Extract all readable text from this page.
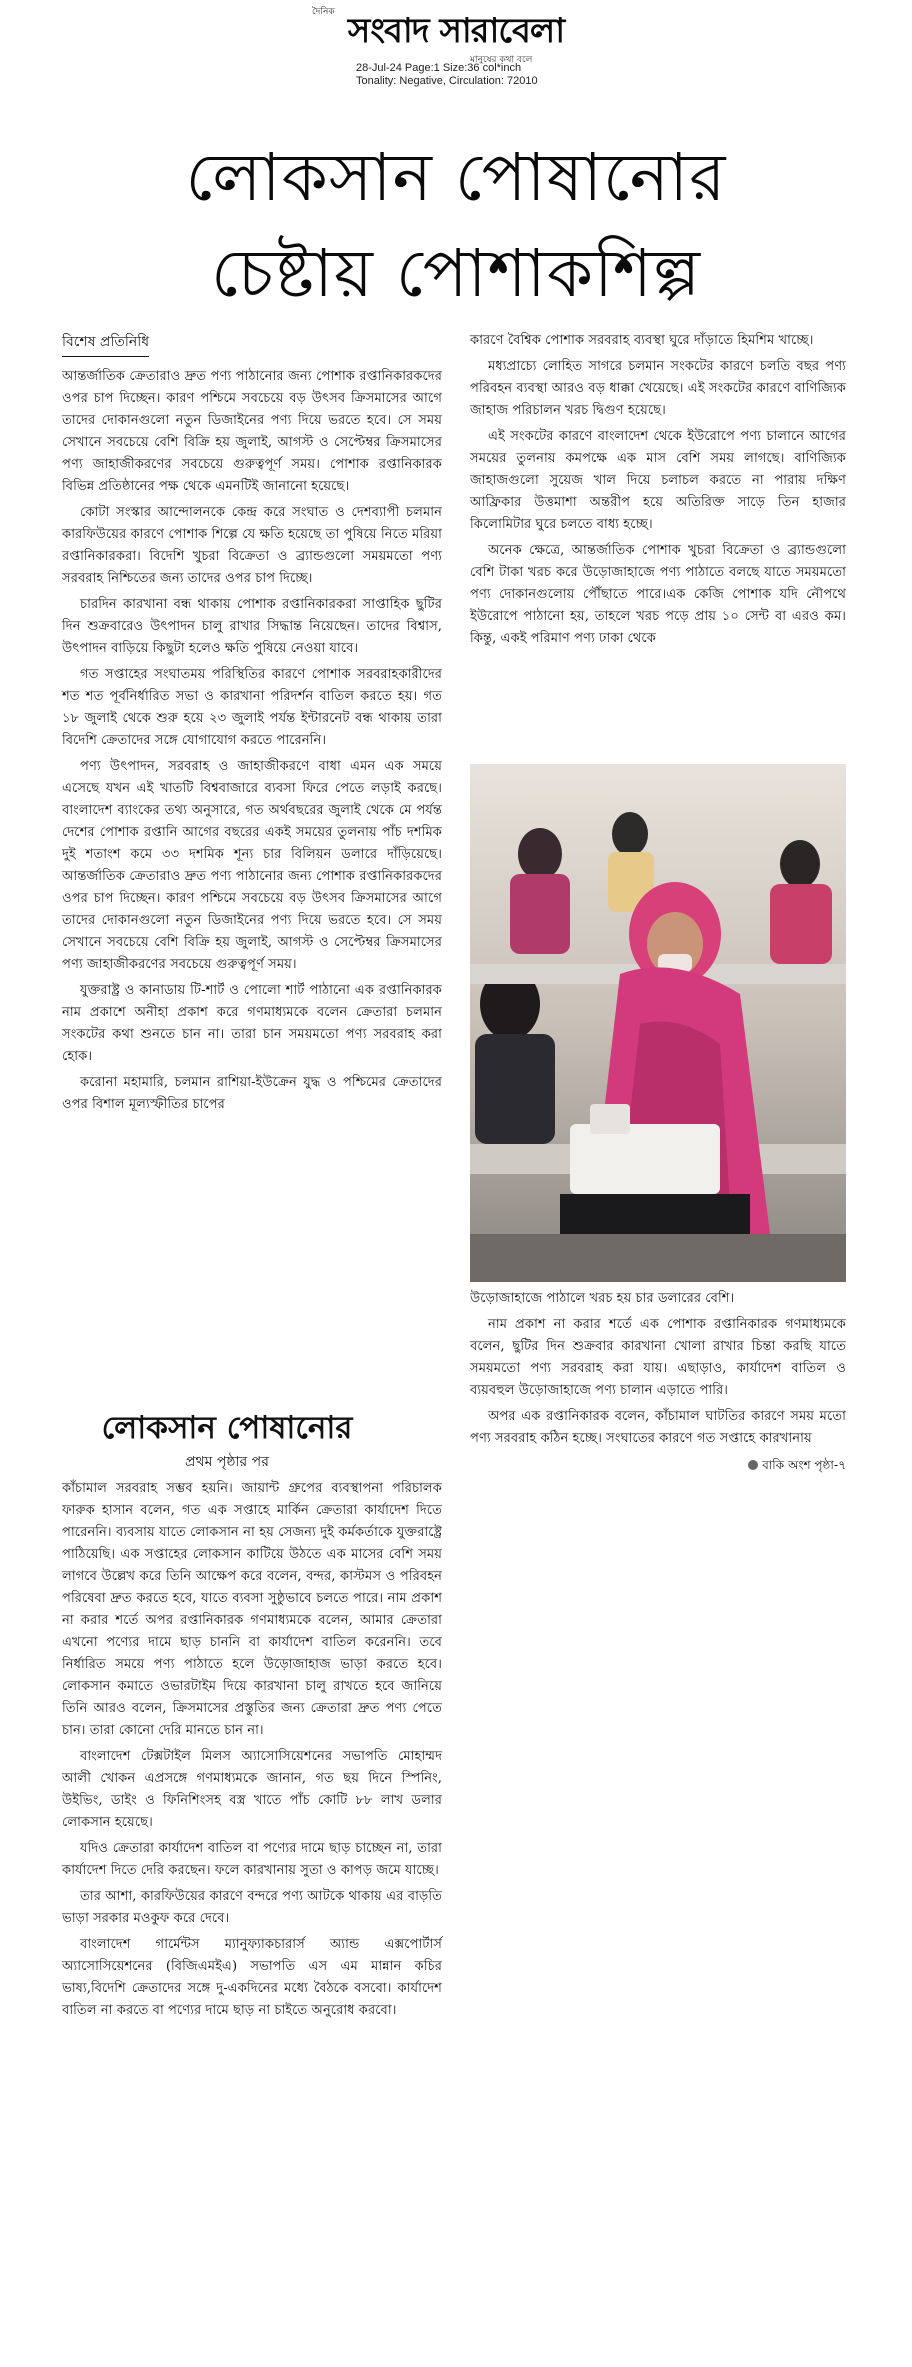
দৈনিক সংবাদ সারাবেলা
মানুষের কথা বলে
28-Jul-24 Page:1 Size:36 col*inch
Tonality: Negative, Circulation: 72010
লোকসান পোষানোর
চেষ্টায় পোশাকশিল্প
বিশেষ প্রতিনিধি

আন্তর্জাতিক ক্রেতারাও দ্রুত পণ্য পাঠানোর জন্য পোশাক রপ্তানিকারকদের ওপর চাপ দিচ্ছেন। কারণ পশ্চিমে সবচেয়ে বড় উৎসব ক্রিসমাসের আগে তাদের দোকানগুলো নতুন ডিজাইনের পণ্য দিয়ে ভরতে হবে। সে সময় সেখানে সবচেয়ে বেশি বিক্রি হয় জুলাই, আগস্ট ও সেপ্টেম্বর ক্রিসমাসের পণ্য জাহাজীকরণের সবচেয়ে গুরুত্বপূর্ণ সময়। পোশাক রপ্তানিকারক বিভিন্ন প্রতিষ্ঠানের পক্ষ থেকে এমনটিই জানানো হয়েছে।

কোটা সংস্কার আন্দোলনকে কেন্দ্র করে সংঘাত ও দেশব্যাপী চলমান কারফিউয়ের কারণে পোশাক শিল্পে যে ক্ষতি হয়েছে তা পুষিয়ে নিতে মরিয়া রপ্তানিকারকরা। বিদেশি খুচরা বিক্রেতা ও ব্র্যান্ডগুলো সময়মতো পণ্য সরবরাহ নিশ্চিতের জন্য তাদের ওপর চাপ দিচ্ছে।

চারদিন কারখানা বন্ধ থাকায় পোশাক রপ্তানিকারকরা সাপ্তাহিক ছুটির দিন শুক্রবারেও উৎপাদন চালু রাখার সিদ্ধান্ত নিয়েছেন। তাদের বিশ্বাস, উৎপাদন বাড়িয়ে কিছুটা হলেও ক্ষতি পুষিয়ে নেওয়া যাবে।

গত সপ্তাহের সংঘাতময় পরিস্থিতির কারণে পোশাক সরবরাহকারীদের শত শত পূর্বনির্ধারিত সভা ও কারখানা পরিদর্শন বাতিল করতে হয়। গত ১৮ জুলাই থেকে শুরু হয়ে ২৩ জুলাই পর্যন্ত ইন্টারনেট বন্ধ থাকায় তারা বিদেশি ক্রেতাদের সঙ্গে যোগাযোগ করতে পারেননি।

পণ্য উৎপাদন, সরবরাহ ও জাহাজীকরণে বাধা এমন এক সময়ে এসেছে যখন এই খাতটি বিশ্ববাজারে ব্যবসা ফিরে পেতে লড়াই করছে। বাংলাদেশ ব্যাংকের তথ্য অনুসারে, গত অর্থবছরের জুলাই থেকে মে পর্যন্ত দেশের পোশাক রপ্তানি আগের বছরের একই সময়ের তুলনায় পাঁচ দশমিক দুই শতাংশ কমে ৩৩ দশমিক শূন্য চার বিলিয়ন ডলারে দাঁড়িয়েছে। আন্তর্জাতিক ক্রেতারাও দ্রুত পণ্য পাঠানোর জন্য পোশাক রপ্তানিকারকদের ওপর চাপ দিচ্ছেন। কারণ পশ্চিমে সবচেয়ে বড় উৎসব ক্রিসমাসের আগে তাদের দোকানগুলো নতুন ডিজাইনের পণ্য দিয়ে ভরতে হবে। সে সময় সেখানে সবচেয়ে বেশি বিক্রি হয় জুলাই, আগস্ট ও সেপ্টেম্বর ক্রিসমাসের পণ্য জাহাজীকরণের সবচেয়ে গুরুত্বপূর্ণ সময়।

যুক্তরাষ্ট্র ও কানাডায় টি-শার্ট ও পোলো শার্ট পাঠানো এক রপ্তানিকারক নাম প্রকাশে অনীহা প্রকাশ করে গণমাধ্যমকে বলেন ক্রেতারা চলমান সংকটের কথা শুনতে চান না। তারা চান সময়মতো পণ্য সরবরাহ করা হোক।

করোনা মহামারি, চলমান রাশিয়া-ইউক্রেন যুদ্ধ ও পশ্চিমের ক্রেতাদের ওপর বিশাল মূল্যস্ফীতির চাপের

কারণে বৈশ্বিক পোশাক সরবরাহ ব্যবস্থা ঘুরে দাঁড়াতে হিমশিম খাচ্ছে।

মধ্যপ্রাচ্যে লোহিত সাগরে চলমান সংকটের কারণে চলতি বছর পণ্য পরিবহন ব্যবস্থা আরও বড় ধাক্কা খেয়েছে। এই সংকটের কারণে বাণিজ্যিক জাহাজ পরিচালন খরচ দ্বিগুণ হয়েছে।

এই সংকটের কারণে বাংলাদেশ থেকে ইউরোপে পণ্য চালানে আগের সময়ের তুলনায় কমপক্ষে এক মাস বেশি সময় লাগছে। বাণিজ্যিক জাহাজগুলো সুয়েজ খাল দিয়ে চলাচল করতে না পারায় দক্ষিণ আফ্রিকার উত্তমাশা অন্তরীপ হয়ে অতিরিক্ত সাড়ে তিন হাজার কিলোমিটার ঘুরে চলতে বাধ্য হচ্ছে।

অনেক ক্ষেত্রে, আন্তর্জাতিক পোশাক খুচরা বিক্রেতা ও ব্র্যান্ডগুলো বেশি টাকা খরচ করে উড়োজাহাজে পণ্য পাঠাতে বলছে যাতে সময়মতো পণ্য দোকানগুলোয় পৌঁছাতে পারে।এক কেজি পোশাক যদি নৌপথে ইউরোপে পাঠানো হয়, তাহলে খরচ পড়ে প্রায় ১০ সেন্ট বা এরও কম। কিন্তু, একই পরিমাণ পণ্য ঢাকা থেকে

উড়োজাহাজে পাঠালে খরচ হয় চার ডলারের বেশি।

নাম প্রকাশ না করার শর্তে এক পোশাক রপ্তানিকারক গণমাধ্যমকে বলেন, ছুটির দিন শুক্রবার কারখানা খোলা রাখার চিন্তা করছি যাতে সময়মতো পণ্য সরবরাহ করা যায়। এছাড়াও, কার্যাদেশ বাতিল ও ব্যয়বহুল উড়োজাহাজে পণ্য চালান এড়াতে পারি।

অপর এক রপ্তানিকারক বলেন, কাঁচামাল ঘাটতির কারণে সময় মতো পণ্য সরবরাহ কঠিন হচ্ছে। সংঘাতের কারণে গত সপ্তাহে কারখানায়

বাকি অংশ পৃষ্ঠা-৭
লোকসান পোষানোর
প্রথম পৃষ্ঠার পর

কাঁচামাল সরবরাহ সম্ভব হয়নি। জায়ান্ট গ্রুপের ব্যবস্থাপনা পরিচালক ফারুক হাসান বলেন, গত এক সপ্তাহে মার্কিন ক্রেতারা কার্যাদেশ দিতে পারেননি। ব্যবসায় যাতে লোকসান না হয় সেজন্য দুই কর্মকর্তাকে যুক্তরাষ্ট্রে পাঠিয়েছি। এক সপ্তাহের লোকসান কাটিয়ে উঠতে এক মাসের বেশি সময় লাগবে উল্লেখ করে তিনি আক্ষেপ করে বলেন, বন্দর, কাস্টমস ও পরিবহন পরিষেবা দ্রুত করতে হবে, যাতে ব্যবসা সুষ্ঠুভাবে চলতে পারে। নাম প্রকাশ না করার শর্তে অপর রপ্তানিকারক গণমাধ্যমকে বলেন, আমার ক্রেতারা এখনো পণ্যের দামে ছাড় চাননি বা কার্যাদেশ বাতিল করেননি। তবে নির্ধারিত সময়ে পণ্য পাঠাতে হলে উড়োজাহাজ ভাড়া করতে হবে। লোকসান কমাতে ওভারটাইম দিয়ে কারখানা চালু রাখতে হবে জানিয়ে তিনি আরও বলেন, ক্রিসমাসের প্রস্তুতির জন্য ক্রেতারা দ্রুত পণ্য পেতে চান। তারা কোনো দেরি মানতে চান না।

বাংলাদেশ টেক্সটাইল মিলস অ্যাসোসিয়েশনের সভাপতি মোহাম্মদ আলী খোকন এপ্রসঙ্গে গণমাধ্যমকে জানান, গত ছয় দিনে স্পিনিং, উইভিং, ডাইং ও ফিনিশিংসহ বস্ত্র খাতে পাঁচ কোটি ৮৮ লাখ ডলার লোকসান হয়েছে।

যদিও ক্রেতারা কার্যাদেশ বাতিল বা পণ্যের দামে ছাড় চাচ্ছেন না, তারা কার্যাদেশ দিতে দেরি করছেন। ফলে কারখানায় সুতা ও কাপড় জমে যাচ্ছে।

তার আশা, কারফিউয়ের কারণে বন্দরে পণ্য আটকে থাকায় এর বাড়তি ভাড়া সরকার মওকুফ করে দেবে।

বাংলাদেশ গার্মেন্টস ম্যানুফ্যাকচারার্স অ্যান্ড এক্সপোর্টার্স অ্যাসোসিয়েশনের (বিজিএমইএ) সভাপতি এস এম মান্নান কচির ভাষ্য,বিদেশি ক্রেতাদের সঙ্গে দু-একদিনের মধ্যে বৈঠকে বসবো। কার্যাদেশ বাতিল না করতে বা পণ্যের দামে ছাড় না চাইতে অনুরোধ করবো।
